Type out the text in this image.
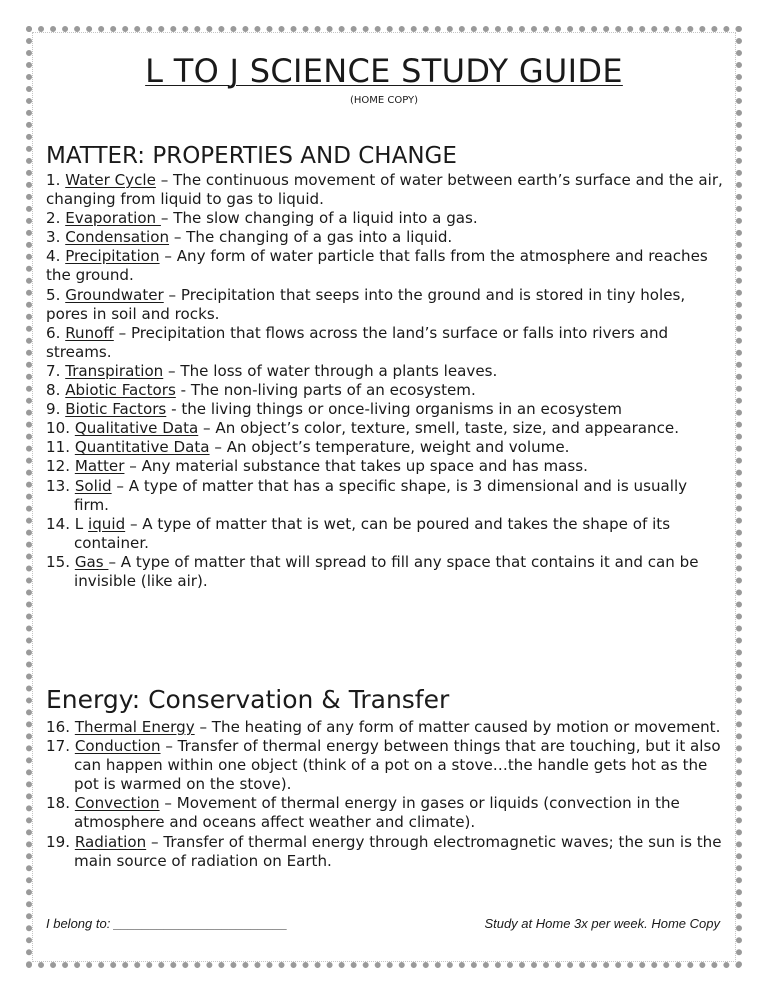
L TO J SCIENCE STUDY GUIDE
(HOME COPY)
MATTER: PROPERTIES AND CHANGE
1. Water Cycle – The continuous movement of water between earth’s surface and the air, changing from liquid to gas to liquid.
2. Evaporation – The slow changing of a liquid into a gas.
3. Condensation – The changing of a gas into a liquid.
4. Precipitation – Any form of water particle that falls from the atmosphere and reaches the ground.
5. Groundwater – Precipitation that seeps into the ground and is stored in tiny holes, pores in soil and rocks.
6. Runoff – Precipitation that flows across the land’s surface or falls into rivers and streams.
7. Transpiration – The loss of water through a plants leaves.
8. Abiotic Factors - The non-living parts of an ecosystem.
9. Biotic Factors - the living things or once-living organisms in an ecosystem
10. Qualitative Data – An object’s color, texture, smell, taste, size, and appearance.
11. Quantitative Data – An object’s temperature, weight and volume.
12. Matter – Any material substance that takes up space and has mass.
13. Solid – A type of matter that has a specific shape, is 3 dimensional and is usually firm.
14. L iquid – A type of matter that is wet, can be poured and takes the shape of its container.
15. Gas – A type of matter that will spread to fill any space that contains it and can be invisible (like air).
Energy: Conservation & Transfer
16. Thermal Energy – The heating of any form of matter caused by motion or movement.
17. Conduction – Transfer of thermal energy between things that are touching, but it also can happen within one object (think of a pot on a stove…the handle gets hot as the pot is warmed on the stove).
18. Convection – Movement of thermal energy in gases or liquids (convection in the atmosphere and oceans affect weather and climate).
19. Radiation – Transfer of thermal energy through electromagnetic waves; the sun is the main source of radiation on Earth.
I belong to: ________________________	Study at Home 3x per week. Home Copy
